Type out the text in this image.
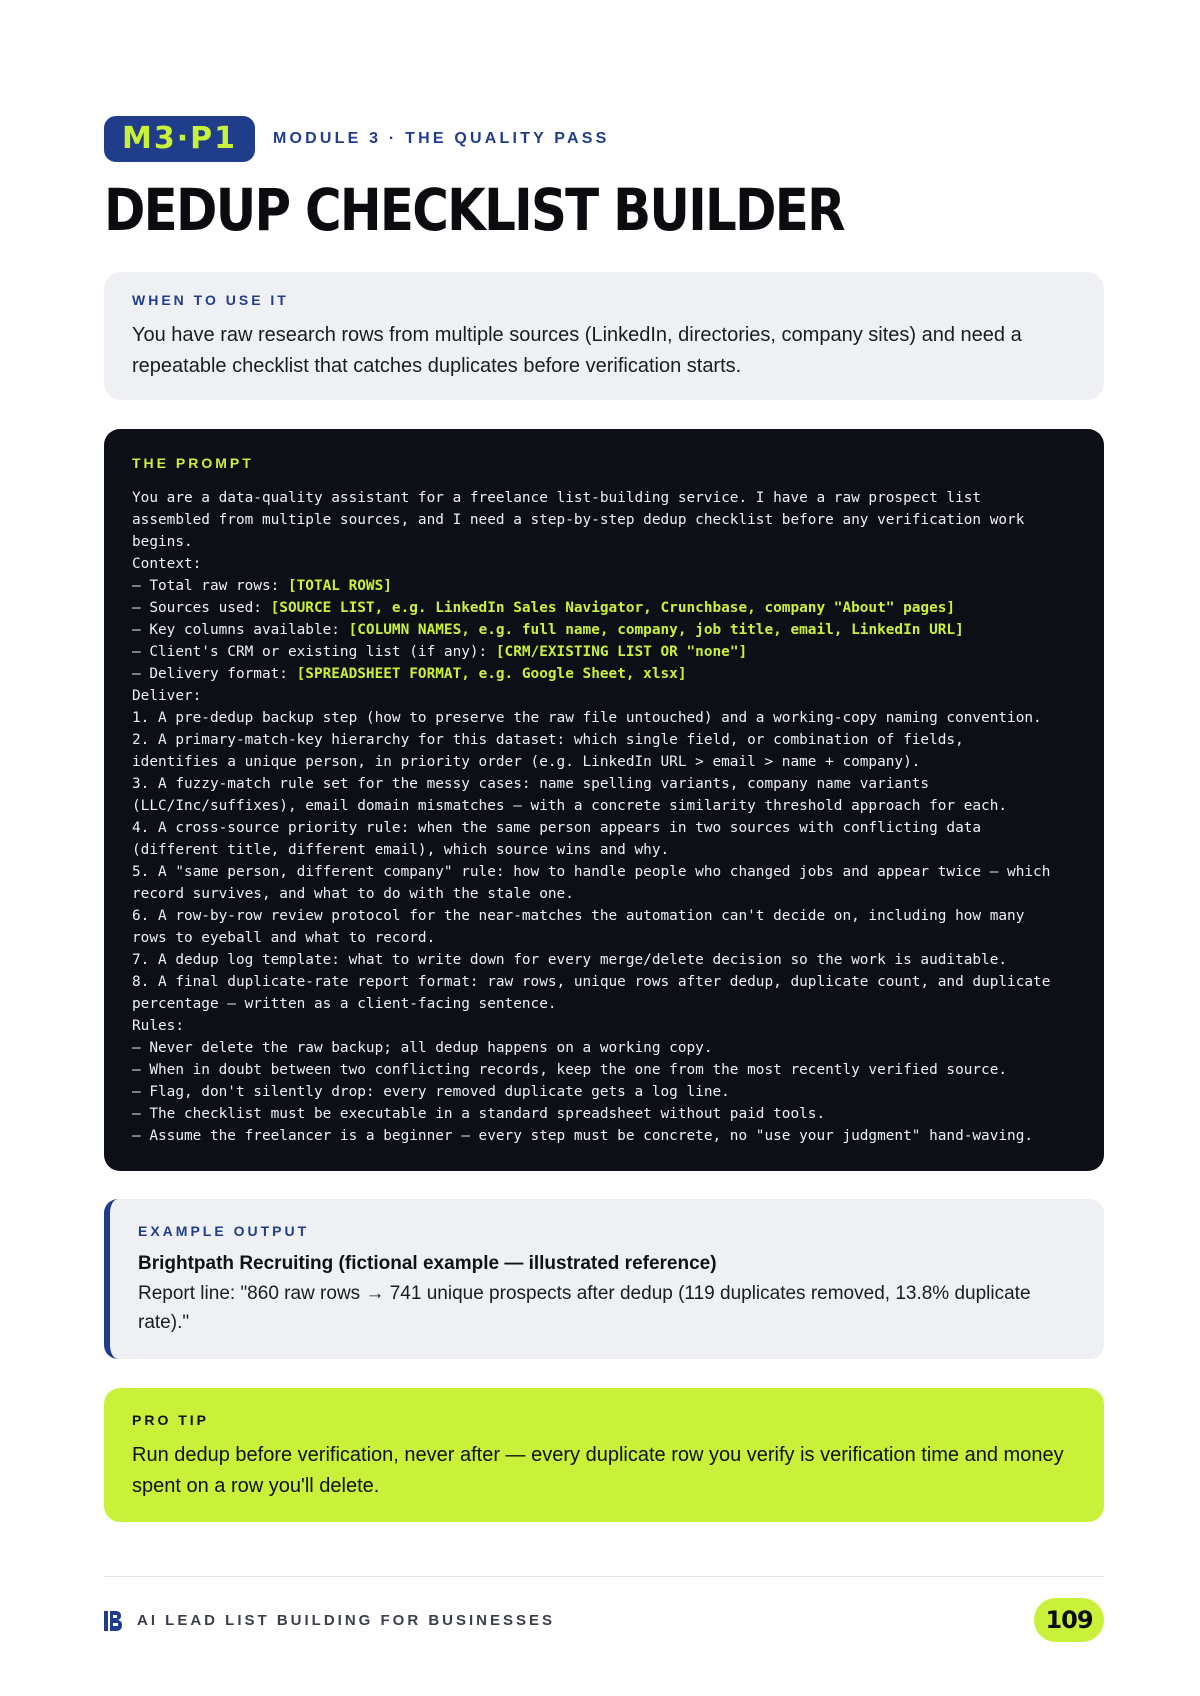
M3·P1	MODULE 3 · THE QUALITY PASS
DEDUP CHECKLIST BUILDER
WHEN TO USE IT

You have raw research rows from multiple sources (LinkedIn, directories, company sites) and need a repeatable checklist that catches duplicates before verification starts.

THE PROMPT
You are a data-quality assistant for a freelance list-building service. I have a raw prospect list
assembled from multiple sources, and I need a step-by-step dedup checklist before any verification work
begins.
Context:
– Total raw rows: [TOTAL ROWS]
– Sources used: [SOURCE LIST, e.g. LinkedIn Sales Navigator, Crunchbase, company "About" pages]
– Key columns available: [COLUMN NAMES, e.g. full name, company, job title, email, LinkedIn URL]
– Client's CRM or existing list (if any): [CRM/EXISTING LIST OR "none"]
– Delivery format: [SPREADSHEET FORMAT, e.g. Google Sheet, xlsx]
Deliver:
1. A pre-dedup backup step (how to preserve the raw file untouched) and a working-copy naming convention.
2. A primary-match-key hierarchy for this dataset: which single field, or combination of fields,
identifies a unique person, in priority order (e.g. LinkedIn URL > email > name + company).
3. A fuzzy-match rule set for the messy cases: name spelling variants, company name variants
(LLC/Inc/suffixes), email domain mismatches – with a concrete similarity threshold approach for each.
4. A cross-source priority rule: when the same person appears in two sources with conflicting data
(different title, different email), which source wins and why.
5. A "same person, different company" rule: how to handle people who changed jobs and appear twice – which
record survives, and what to do with the stale one.
6. A row-by-row review protocol for the near-matches the automation can't decide on, including how many
rows to eyeball and what to record.
7. A dedup log template: what to write down for every merge/delete decision so the work is auditable.
8. A final duplicate-rate report format: raw rows, unique rows after dedup, duplicate count, and duplicate
percentage – written as a client-facing sentence.
Rules:
– Never delete the raw backup; all dedup happens on a working copy.
– When in doubt between two conflicting records, keep the one from the most recently verified source.
– Flag, don't silently drop: every removed duplicate gets a log line.
– The checklist must be executable in a standard spreadsheet without paid tools.
– Assume the freelancer is a beginner – every step must be concrete, no "use your judgment" hand-waving.
EXAMPLE OUTPUT
Brightpath Recruiting (fictional example — illustrated reference)

Report line: "860 raw rows → 741 unique prospects after dedup (119 duplicates removed, 13.8% duplicate rate)."

PRO TIP

Run dedup before verification, never after — every duplicate row you verify is verification time and money spent on a row you'll delete.

AI LEAD LIST BUILDING FOR BUSINESSES	109
